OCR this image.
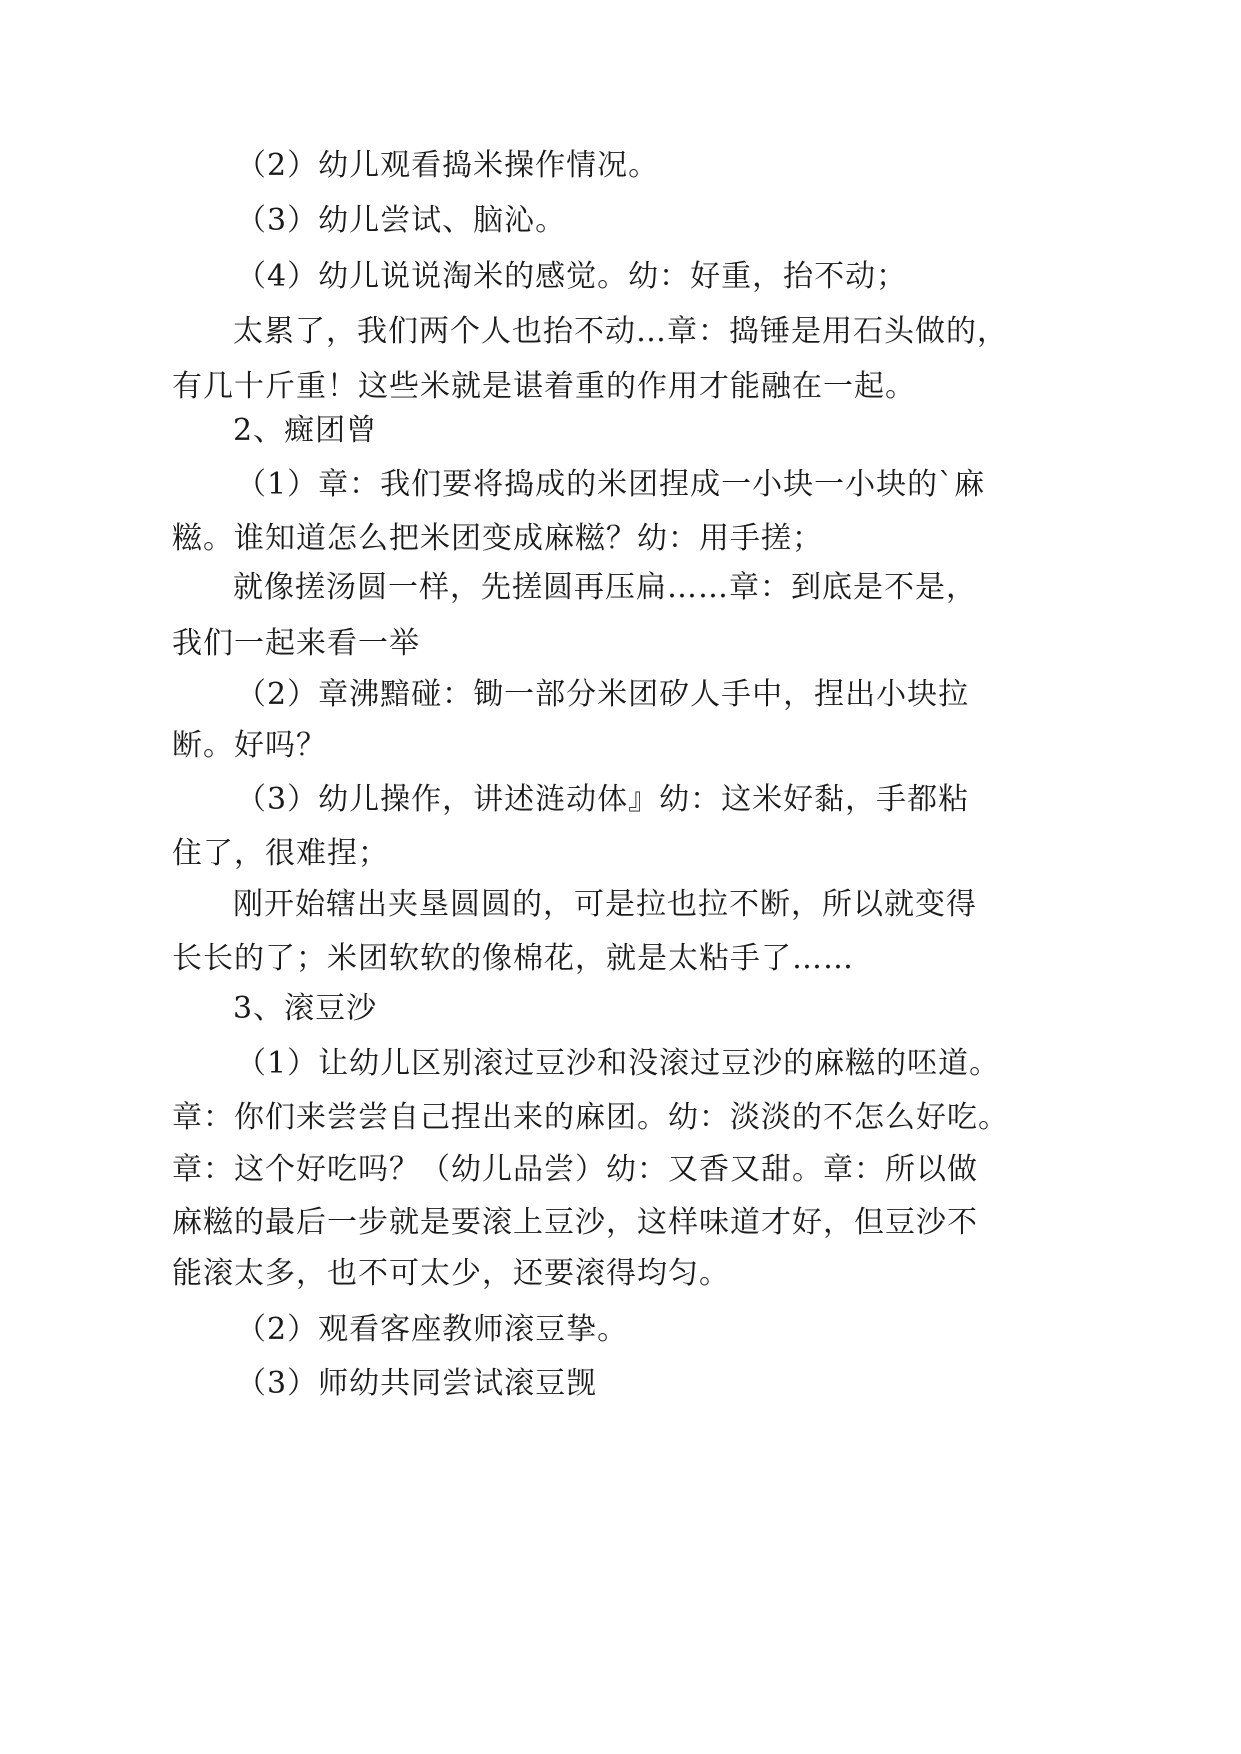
（2）幼儿观看捣米操作情况。
（3）幼儿尝试、脑沁。
（4）幼儿说说淘米的感觉。幼：好重，抬不动；
太累了，我们两个人也抬不动…章：捣锤是用石头做的，
有几十斤重！这些米就是谌着重的作用才能融在一起。
2、癍团曾
（1）章：我们要将捣成的米团捏成一小块一小块的`麻
糍。谁知道怎么把米团变成麻糍？幼：用手搓；
就像搓汤圆一样，先搓圆再压扁……章：到底是不是，
我们一起来看一举
（2）章沸黯碰：锄一部分米团矽人手中，捏出小块拉
断。好吗？
（3）幼儿操作，讲述涟动体』幼：这米好黏，手都粘
住了，很难捏；
刚开始辖出夹垦圆圆的，可是拉也拉不断，所以就变得
长长的了；米团软软的像棉花，就是太粘手了……
3、滚豆沙
（1）让幼儿区别滚过豆沙和没滚过豆沙的麻糍的呸道。
章：你们来尝尝自己捏出来的麻团。幼：淡淡的不怎么好吃。
章：这个好吃吗？（幼儿品尝）幼：又香又甜。章：所以做
麻糍的最后一步就是要滚上豆沙，这样味道才好，但豆沙不
能滚太多，也不可太少，还要滚得均匀。
（2）观看客座教师滚豆挚。
（3）师幼共同尝试滚豆觊
